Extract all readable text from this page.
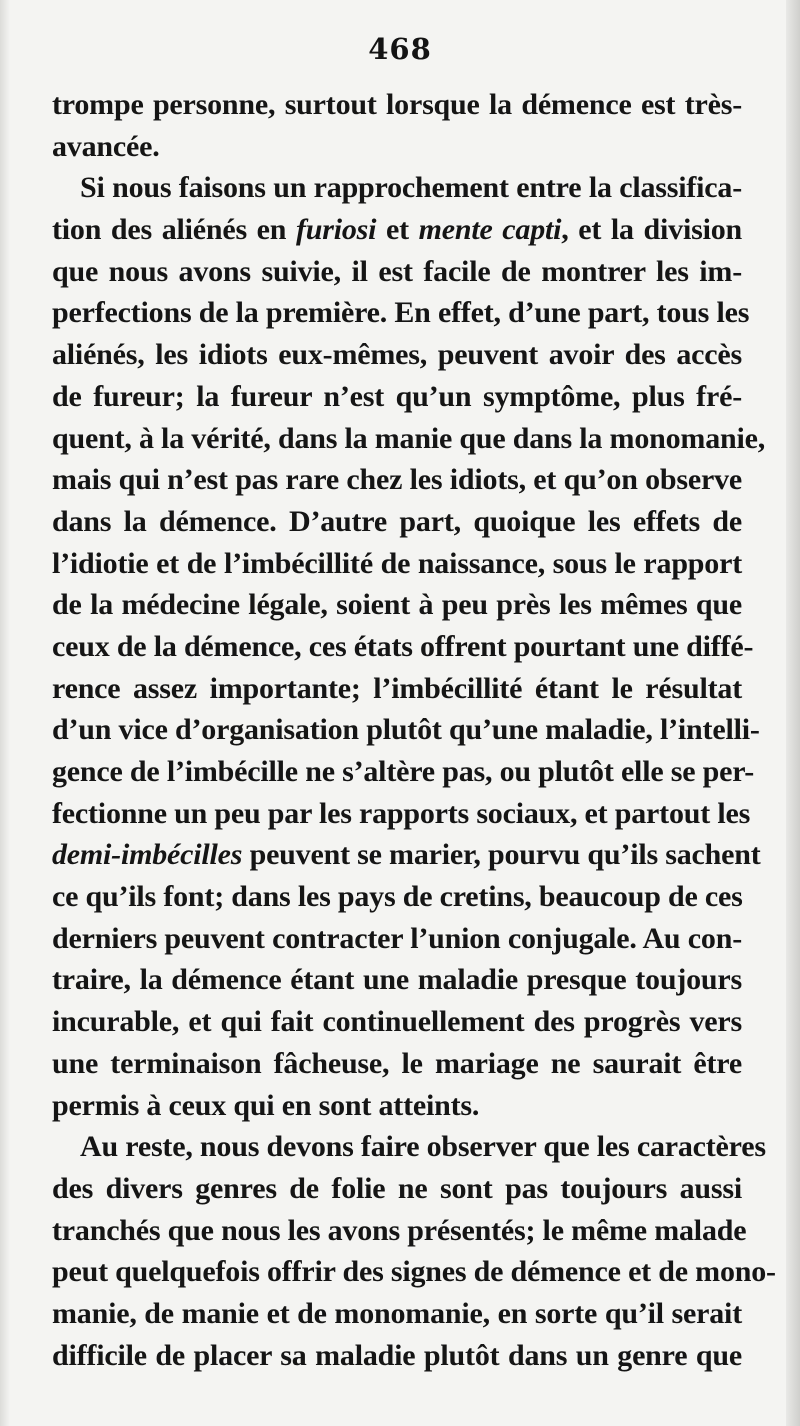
468
trompe personne, surtout lorsque la démence est très-
avancée.
Si nous faisons un rapprochement entre la classifica-
tion des aliénés en furiosi et mente capti, et la division
que nous avons suivie, il est facile de montrer les im-
perfections de la première. En effet, d’une part, tous les
aliénés, les idiots eux-mêmes, peuvent avoir des accès
de fureur; la fureur n’est qu’un symptôme, plus fré-
quent, à la vérité, dans la manie que dans la monomanie,
mais qui n’est pas rare chez les idiots, et qu’on observe
dans la démence. D’autre part, quoique les effets de
l’idiotie et de l’imbécillité de naissance, sous le rapport
de la médecine légale, soient à peu près les mêmes que
ceux de la démence, ces états offrent pourtant une diffé-
rence assez importante; l’imbécillité étant le résultat
d’un vice d’organisation plutôt qu’une maladie, l’intelli-
gence de l’imbécille ne s’altère pas, ou plutôt elle se per-
fectionne un peu par les rapports sociaux, et partout les
demi-imbécilles peuvent se marier, pourvu qu’ils sachent
ce qu’ils font; dans les pays de cretins, beaucoup de ces
derniers peuvent contracter l’union conjugale. Au con-
traire, la démence étant une maladie presque toujours
incurable, et qui fait continuellement des progrès vers
une terminaison fâcheuse, le mariage ne saurait être
permis à ceux qui en sont atteints.
Au reste, nous devons faire observer que les caractères
des divers genres de folie ne sont pas toujours aussi
tranchés que nous les avons présentés; le même malade
peut quelquefois offrir des signes de démence et de mono-
manie, de manie et de monomanie, en sorte qu’il serait
difficile de placer sa maladie plutôt dans un genre que
